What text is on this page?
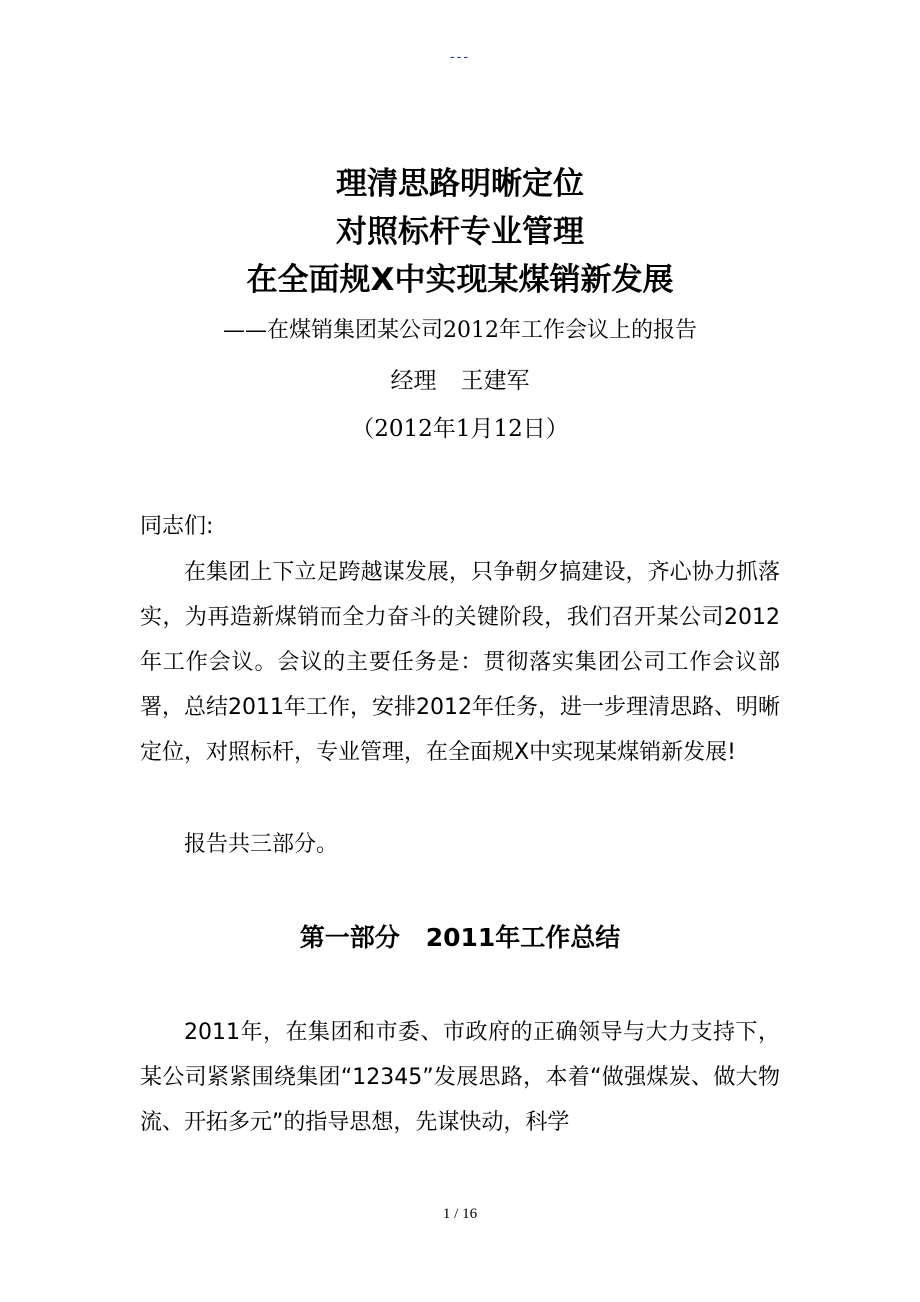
---

理清思路明晰定位

对照标杆专业管理

在全面规X中实现某煤销新发展

——在煤销集团某公司2012年工作会议上的报告
经理 王建军
（2012年1月12日）
同志们:
在集团上下立足跨越谋发展，只争朝夕搞建设，齐心协力抓落实，为再造新煤销而全力奋斗的关键阶段，我们召开某公司2012年工作会议。会议的主要任务是：贯彻落实集团公司工作会议部署，总结2011年工作，安排2012年任务，进一步理清思路、明晰定位，对照标杆，专业管理，在全面规X中实现某煤销新发展!
报告共三部分。
第一部分 2011年工作总结
2011年，在集团和市委、市政府的正确领导与大力支持下，某公司紧紧围绕集团“12345”发展思路，本着“做强煤炭、做大物流、开拓多元”的指导思想，先谋快动，科学
1 / 16
